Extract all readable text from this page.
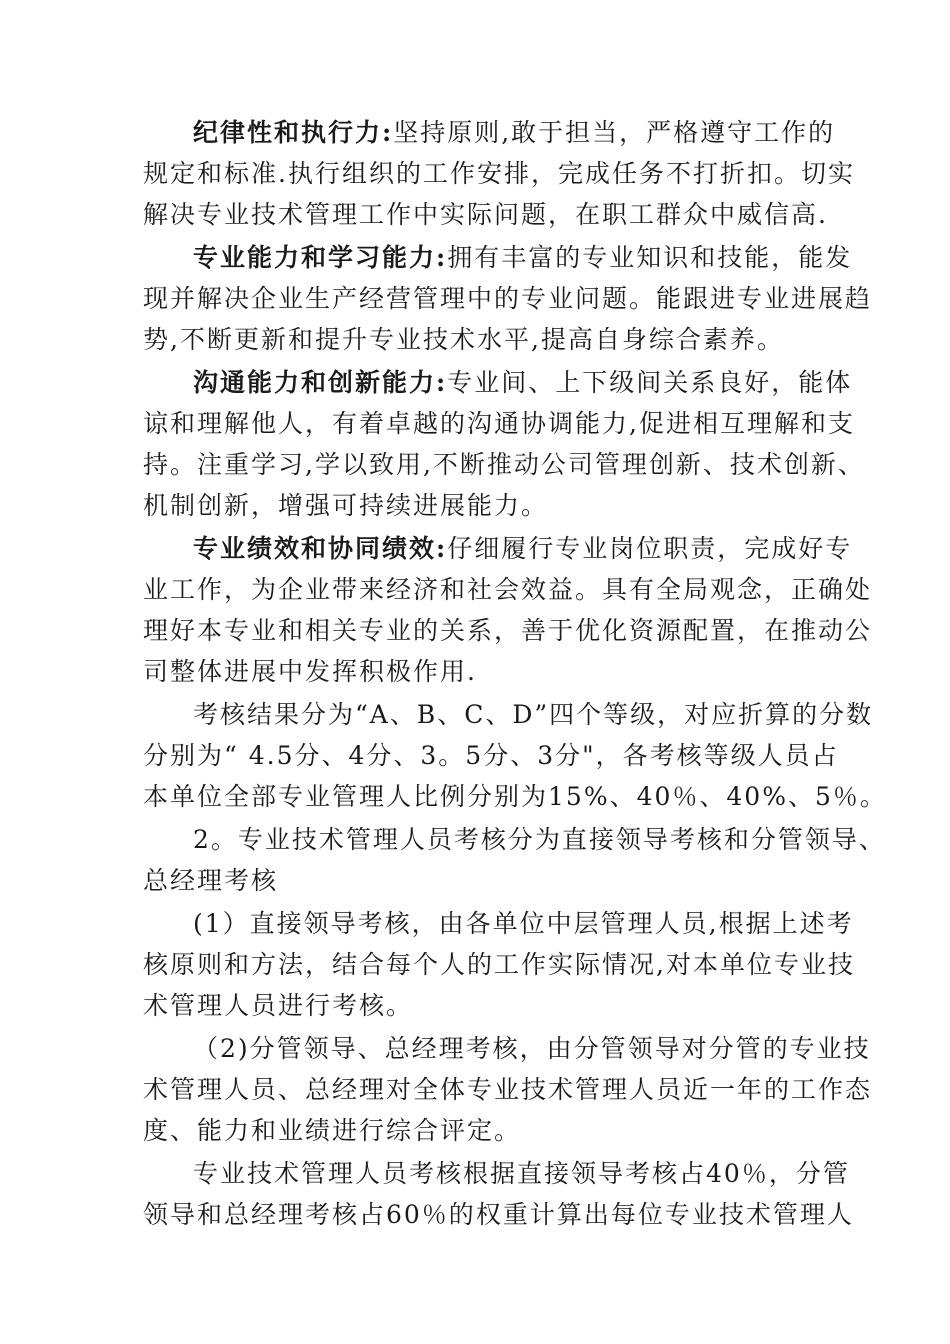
纪律性和执行力:坚持原则,敢于担当，严格遵守工作的
规定和标准.执行组织的工作安排，完成任务不打折扣。切实
解决专业技术管理工作中实际问题，在职工群众中威信高.
专业能力和学习能力:拥有丰富的专业知识和技能，能发
现并解决企业生产经营管理中的专业问题。能跟进专业进展趋
势,不断更新和提升专业技术水平,提高自身综合素养。
沟通能力和创新能力:专业间、上下级间关系良好，能体
谅和理解他人，有着卓越的沟通协调能力,促进相互理解和支
持。注重学习,学以致用,不断推动公司管理创新、技术创新、
机制创新，增强可持续进展能力。
专业绩效和协同绩效:仔细履行专业岗位职责，完成好专
业工作，为企业带来经济和社会效益。具有全局观念，正确处
理好本专业和相关专业的关系，善于优化资源配置，在推动公
司整体进展中发挥积极作用.
考核结果分为“A、B、C、D”四个等级，对应折算的分数
分别为“ 4.5分、4分、3。5分、3分"，各考核等级人员占
本单位全部专业管理人比例分别为15%、40％、40%、5％。
2。专业技术管理人员考核分为直接领导考核和分管领导、
总经理考核
(1）直接领导考核，由各单位中层管理人员,根据上述考
核原则和方法，结合每个人的工作实际情况,对本单位专业技
术管理人员进行考核。
（2)分管领导、总经理考核，由分管领导对分管的专业技
术管理人员、总经理对全体专业技术管理人员近一年的工作态
度、能力和业绩进行综合评定。
专业技术管理人员考核根据直接领导考核占40％，分管
领导和总经理考核占60％的权重计算出每位专业技术管理人
